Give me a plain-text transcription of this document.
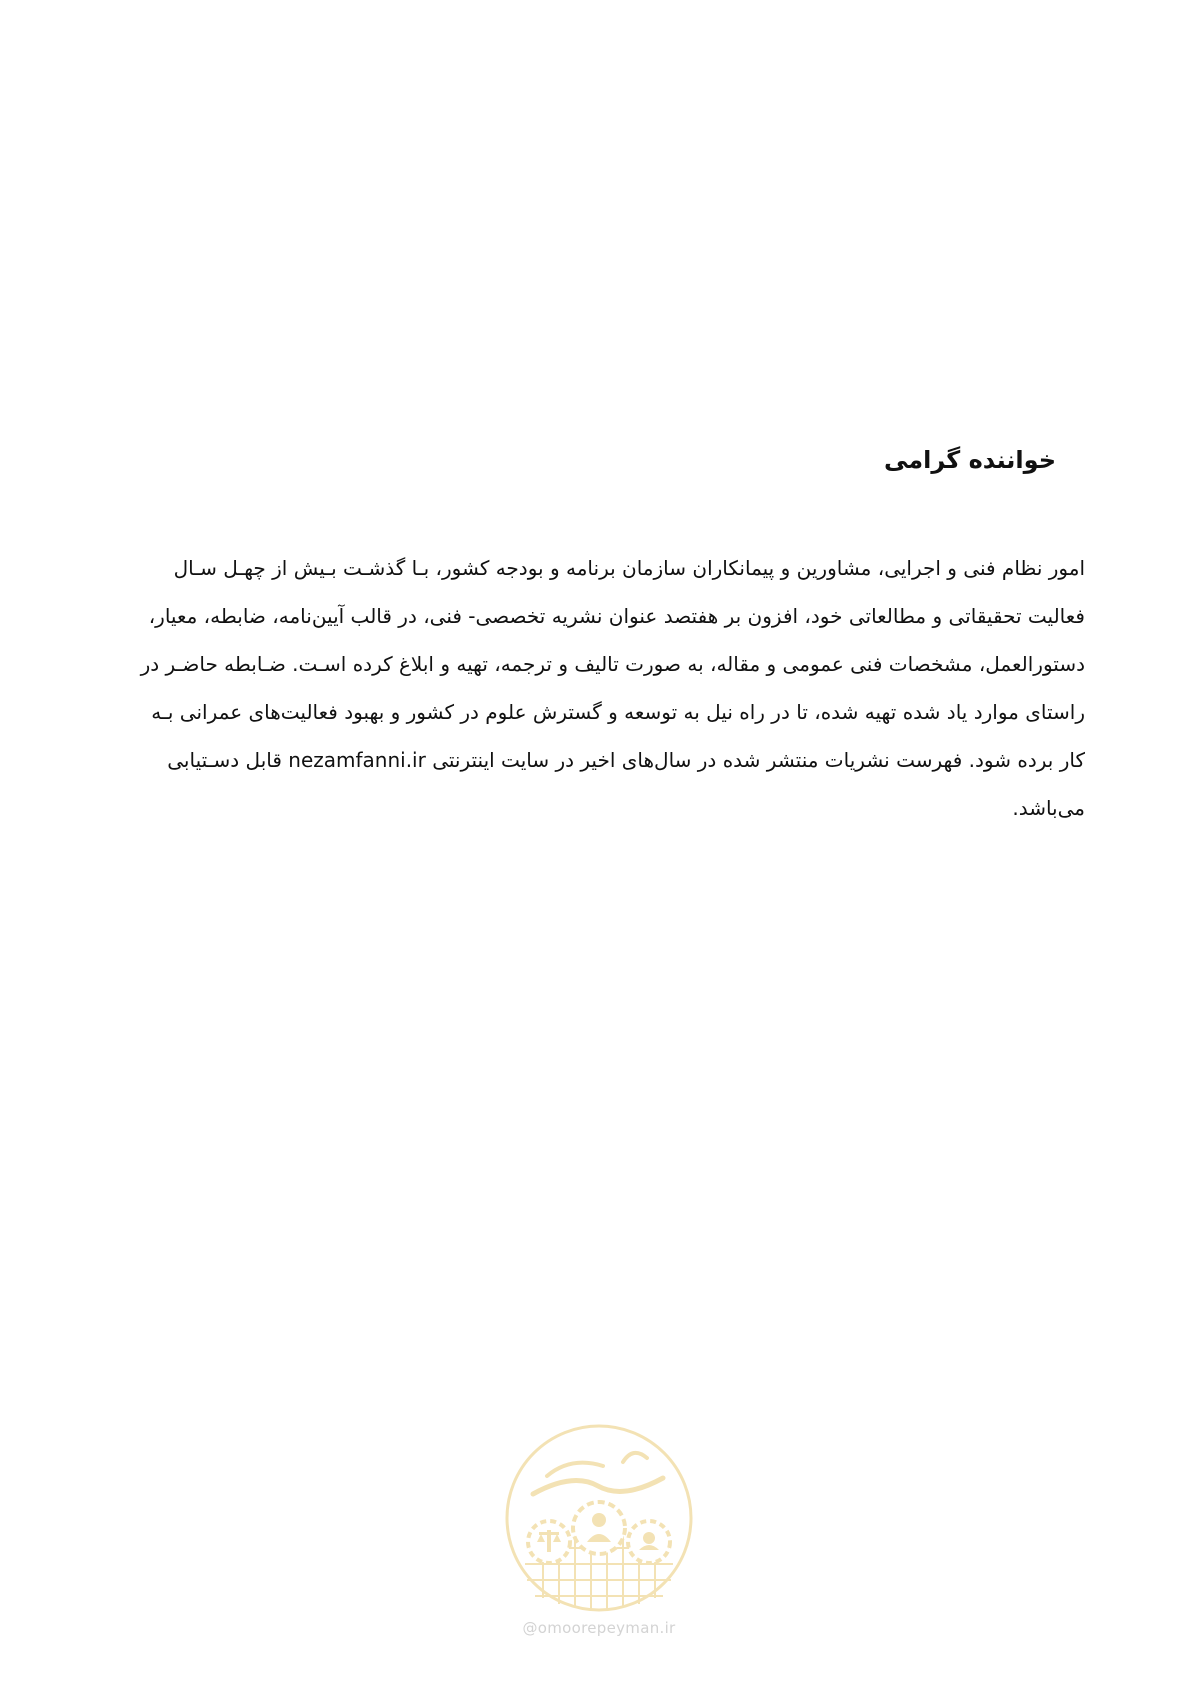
خواننده گرامی
امور نظام فنی و اجرایی، مشاورین و پیمانکاران سازمان برنامه و بودجه کشور، بـا گذشـت بـیش از چهـل سـال
فعالیت تحقیقاتی و مطالعاتی خود، افزون بر هفتصد عنوان نشریه تخصصی- فنی، در قالب آیین‌نامه، ضابطه، معیار،
دستورالعمل، مشخصات فنی عمومی و مقاله، به صورت تالیف و ترجمه، تهیه و ابلاغ کرده اسـت. ضـابطه حاضـر در
راستای موارد یاد شده تهیه شده، تا در راه نیل به توسعه و گسترش علوم در کشور و بهبود فعالیت‌های عمرانی بـه
کار برده شود. فهرست نشریات منتشر شده در سال‌های اخیر در سایت اینترنتی nezamfanni.ir قابل دسـتیابی
می‌باشد.
@omoorepeyman.ir
